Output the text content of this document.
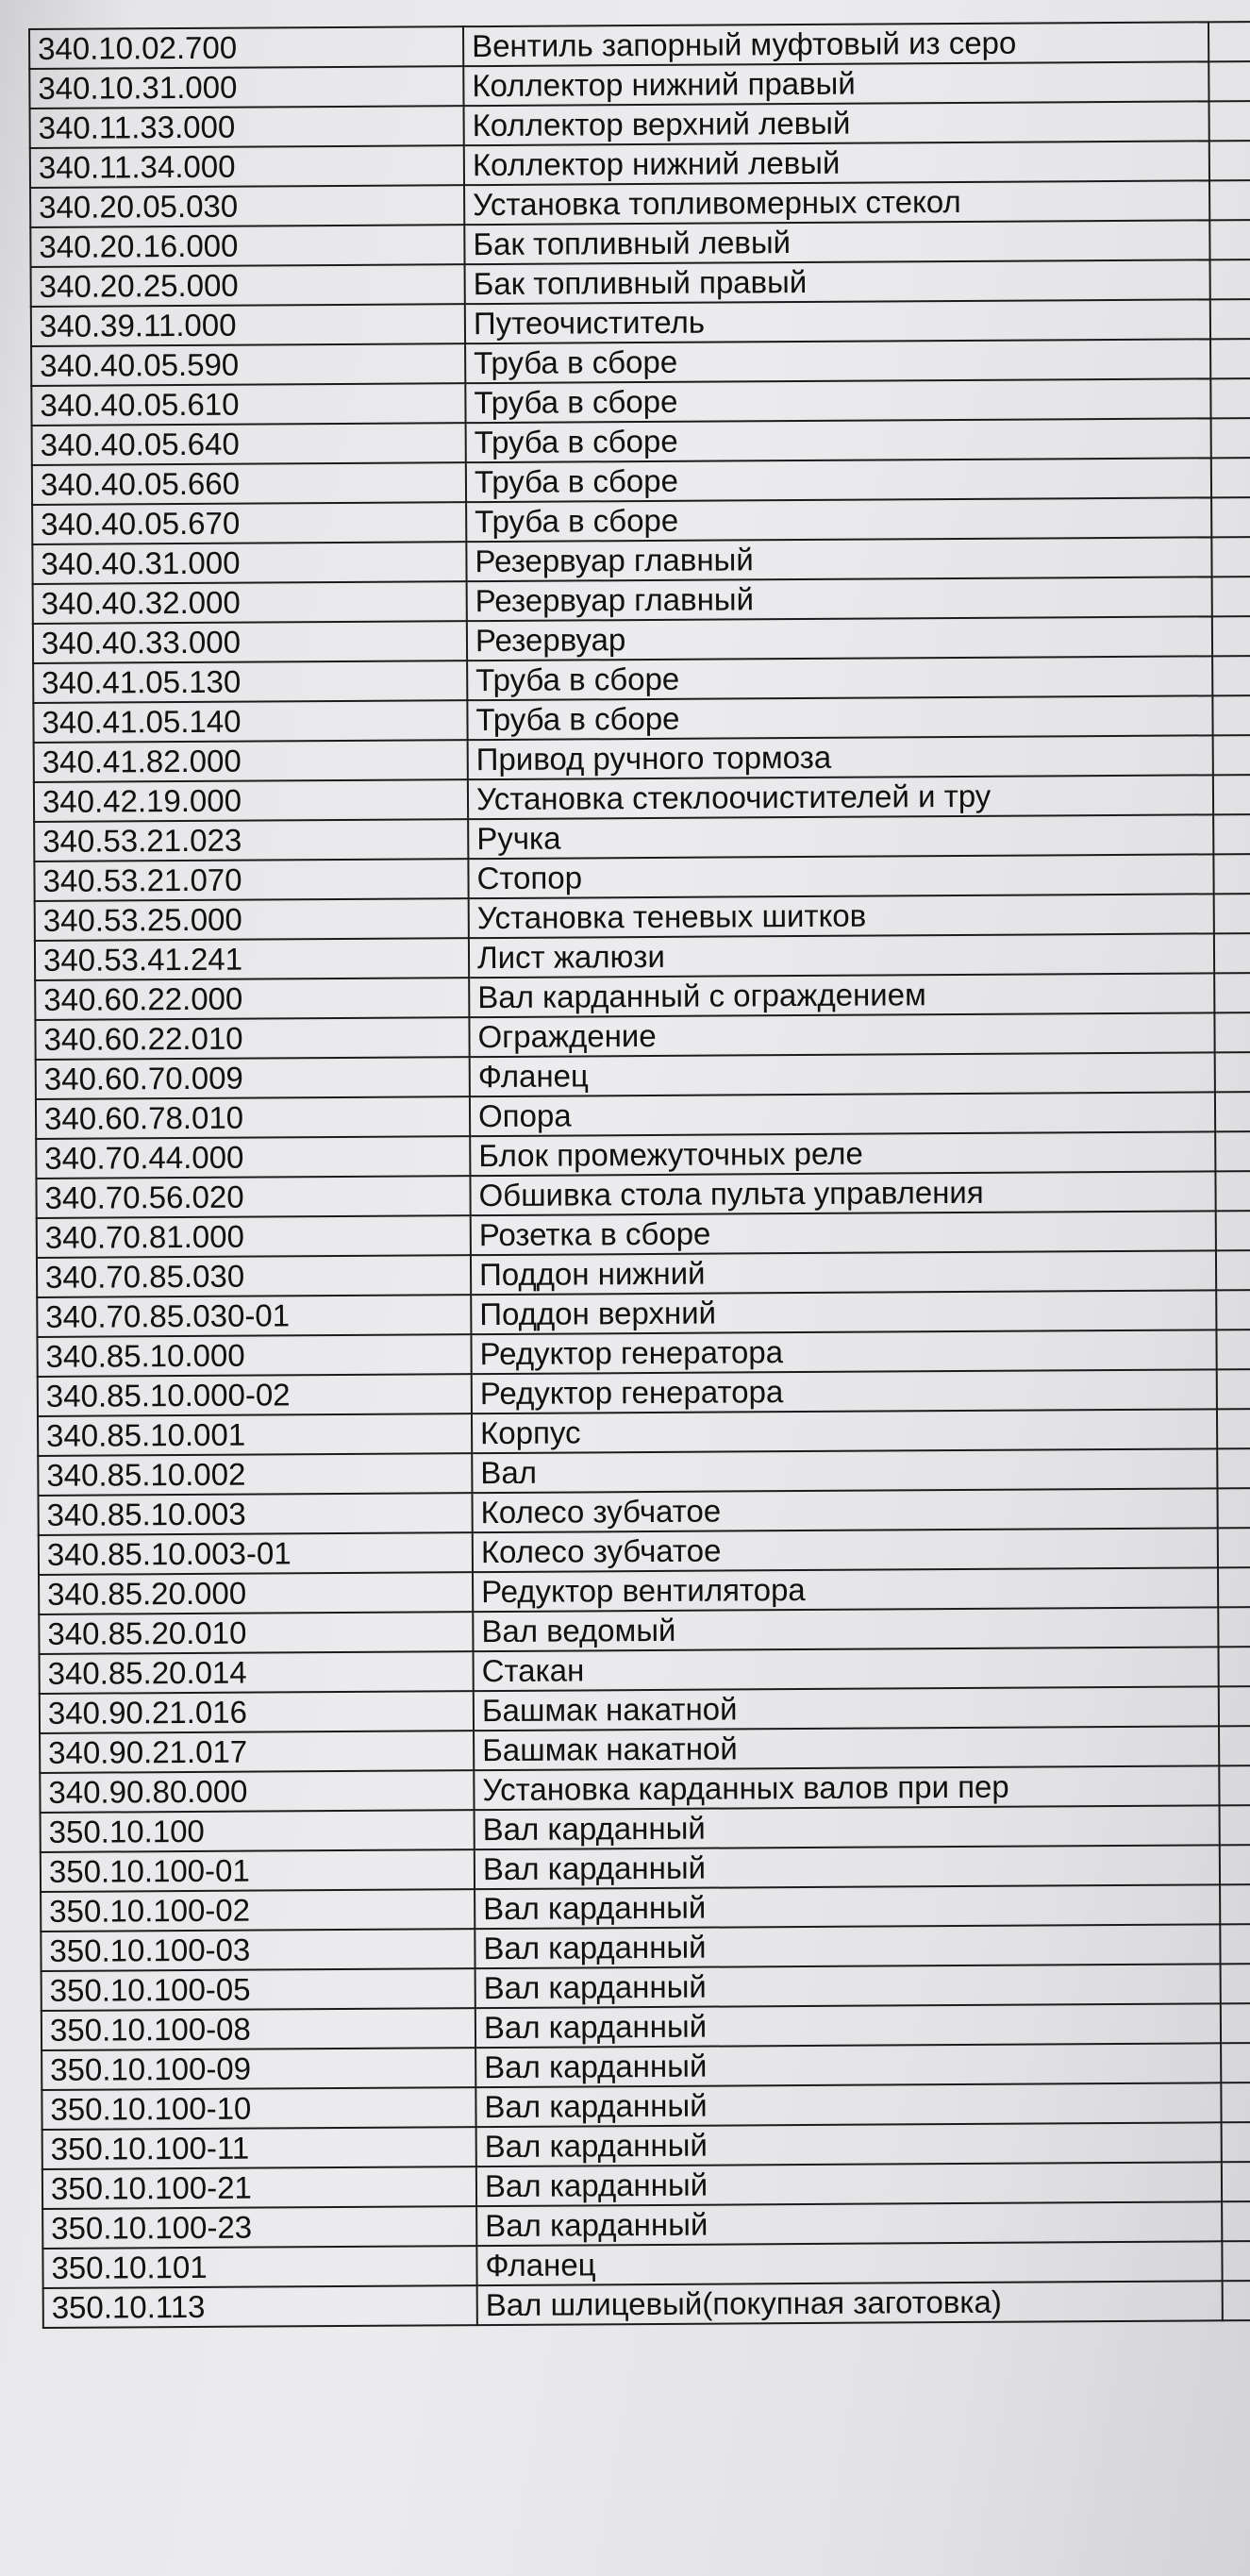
340.10.02.700	Вентиль запорный муфтовый из серо	
340.10.31.000	Коллектор нижний правый	
340.11.33.000	Коллектор верхний левый	
340.11.34.000	Коллектор нижний левый	
340.20.05.030	Установка топливомерных стекол	
340.20.16.000	Бак топливный левый	
340.20.25.000	Бак топливный правый	
340.39.11.000	Путеочиститель	
340.40.05.590	Труба в сборе	
340.40.05.610	Труба в сборе	
340.40.05.640	Труба в сборе	
340.40.05.660	Труба в сборе	
340.40.05.670	Труба в сборе	
340.40.31.000	Резервуар главный	
340.40.32.000	Резервуар главный	
340.40.33.000	Резервуар	
340.41.05.130	Труба в сборе	
340.41.05.140	Труба в сборе	
340.41.82.000	Привод ручного тормоза	
340.42.19.000	Установка стеклоочистителей и тру	
340.53.21.023	Ручка	
340.53.21.070	Стопор	
340.53.25.000	Установка теневых шитков	
340.53.41.241	Лист жалюзи	
340.60.22.000	Вал карданный с ограждением	
340.60.22.010	Ограждение	
340.60.70.009	Фланец	
340.60.78.010	Опора	
340.70.44.000	Блок промежуточных реле	
340.70.56.020	Обшивка стола пульта управления	
340.70.81.000	Розетка в сборе	
340.70.85.030	Поддон нижний	
340.70.85.030-01	Поддон верхний	
340.85.10.000	Редуктор генератора	
340.85.10.000-02	Редуктор генератора	
340.85.10.001	Корпус	
340.85.10.002	Вал	
340.85.10.003	Колесо зубчатое	
340.85.10.003-01	Колесо зубчатое	
340.85.20.000	Редуктор вентилятора	
340.85.20.010	Вал ведомый	
340.85.20.014	Стакан	
340.90.21.016	Башмак накатной	
340.90.21.017	Башмак накатной	
340.90.80.000	Установка карданных валов при пер	
350.10.100	Вал карданный	
350.10.100-01	Вал карданный	
350.10.100-02	Вал карданный	
350.10.100-03	Вал карданный	
350.10.100-05	Вал карданный	
350.10.100-08	Вал карданный	
350.10.100-09	Вал карданный	
350.10.100-10	Вал карданный	
350.10.100-11	Вал карданный	
350.10.100-21	Вал карданный	
350.10.100-23	Вал карданный	
350.10.101	Фланец	
350.10.113	Вал шлицевый(покупная заготовка)	
